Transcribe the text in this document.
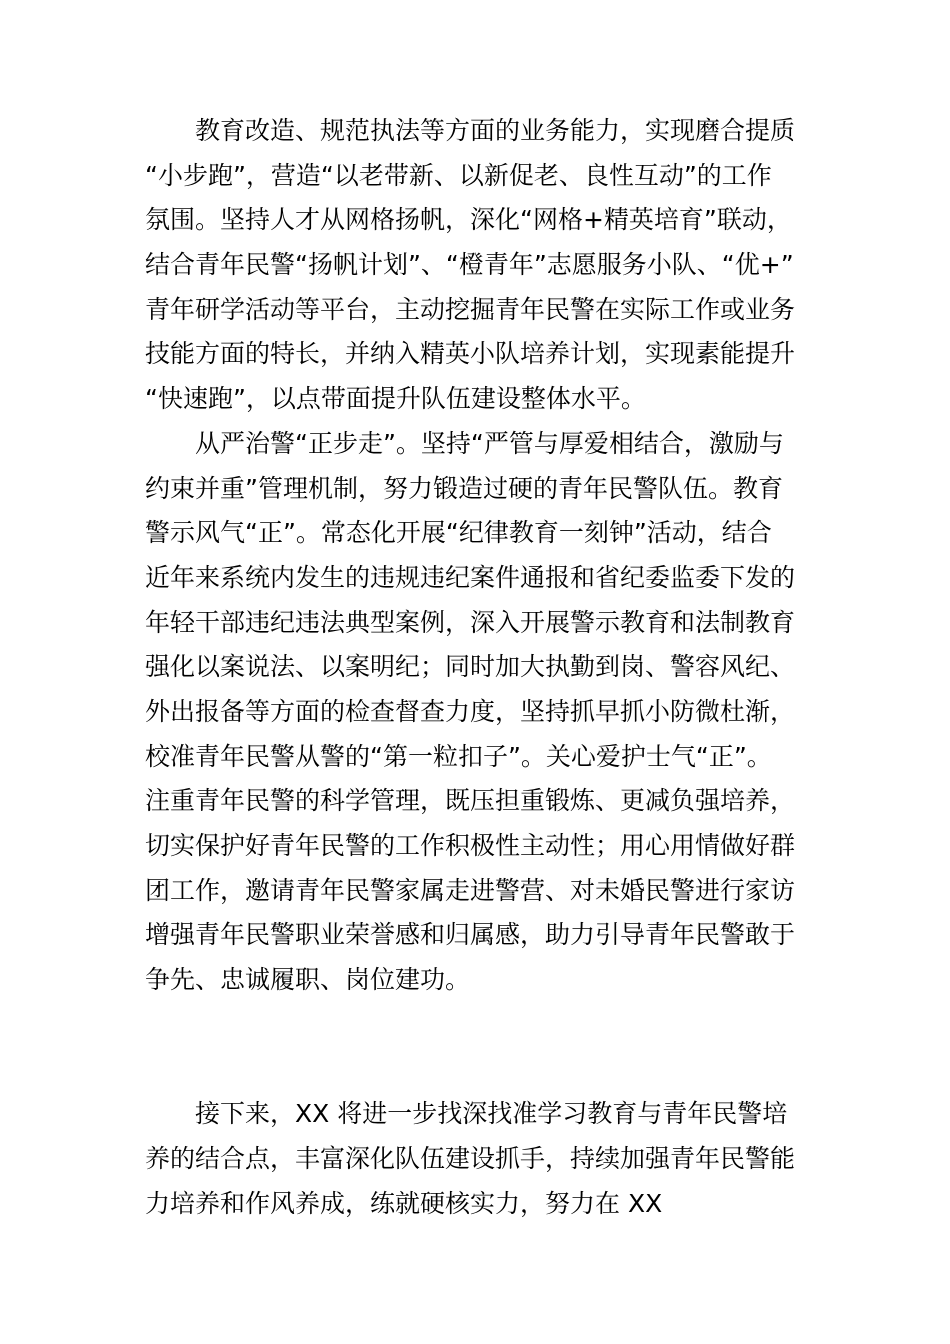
教育改造、规范执法等方面的业务能力，实现磨合提质
“小步跑”，营造“以老带新、以新促老、良性互动”的工作
氛围。坚持人才从网格扬帆，深化“网格+精英培育”联动，
结合青年民警“扬帆计划”、“橙青年”志愿服务小队、“优+”
青年研学活动等平台，主动挖掘青年民警在实际工作或业务
技能方面的特长，并纳入精英小队培养计划，实现素能提升
“快速跑”，以点带面提升队伍建设整体水平。
从严治警“正步走”。坚持“严管与厚爱相结合，激励与
约束并重”管理机制，努力锻造过硬的青年民警队伍。教育
警示风气“正”。常态化开展“纪律教育一刻钟”活动，结合
近年来系统内发生的违规违纪案件通报和省纪委监委下发的
年轻干部违纪违法典型案例，深入开展警示教育和法制教育
强化以案说法、以案明纪；同时加大执勤到岗、警容风纪、
外出报备等方面的检查督查力度，坚持抓早抓小防微杜渐，
校准青年民警从警的“第一粒扣子”。关心爱护士气“正”。
注重青年民警的科学管理，既压担重锻炼、更减负强培养，
切实保护好青年民警的工作积极性主动性；用心用情做好群
团工作，邀请青年民警家属走进警营、对未婚民警进行家访
增强青年民警职业荣誉感和归属感，助力引导青年民警敢于
争先、忠诚履职、岗位建功。
接下来，XX 将进一步找深找准学习教育与青年民警培
养的结合点，丰富深化队伍建设抓手，持续加强青年民警能
力培养和作风养成，练就硬核实力，努力在 XX
